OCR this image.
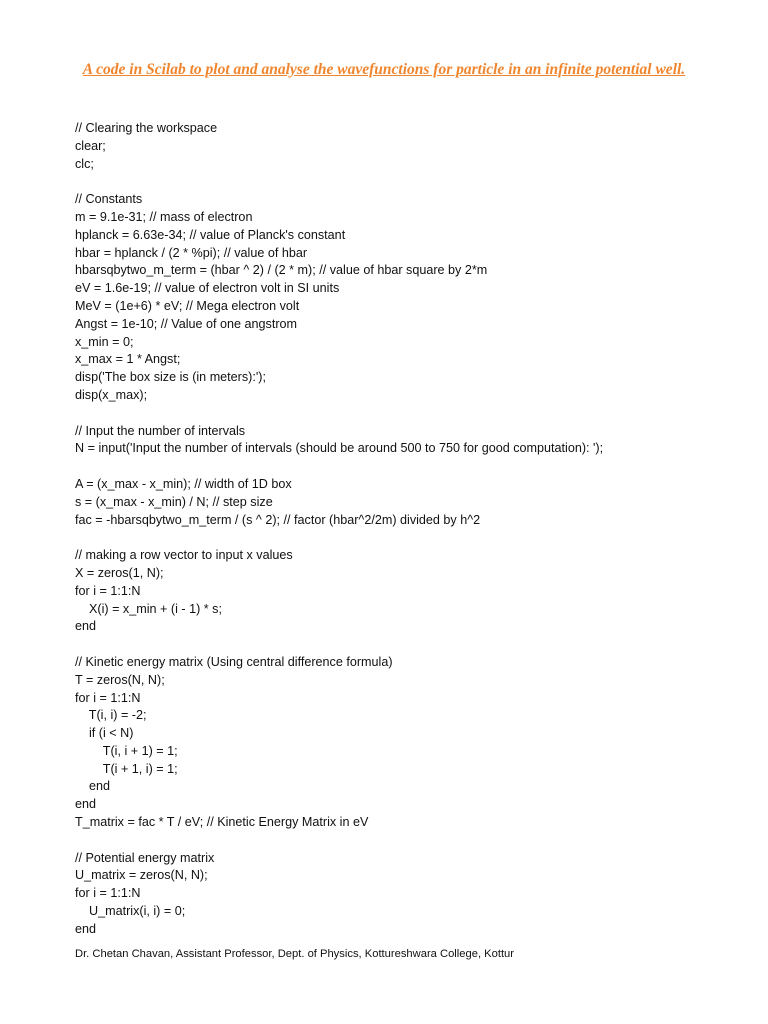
A code in Scilab to plot and analyse the wavefunctions for particle in an infinite potential well.
// Clearing the workspace
clear;
clc;
// Constants
m = 9.1e-31; // mass of electron
hplanck = 6.63e-34; // value of Planck's constant
hbar = hplanck / (2 * %pi); // value of hbar
hbarsqbytwo_m_term = (hbar ^ 2) / (2 * m); // value of hbar square by 2*m
eV = 1.6e-19; // value of electron volt in SI units
MeV = (1e+6) * eV; // Mega electron volt
Angst = 1e-10; // Value of one angstrom
x_min = 0;
x_max = 1 * Angst;
disp('The box size is (in meters):');
disp(x_max);
// Input the number of intervals
N = input('Input the number of intervals (should be around 500 to 750 for good computation): ');
A = (x_max - x_min); // width of 1D box
s = (x_max - x_min) / N; // step size
fac = -hbarsqbytwo_m_term / (s ^ 2); // factor (hbar^2/2m) divided by h^2
// making a row vector to input x values
X = zeros(1, N);
for i = 1:1:N
X(i) = x_min + (i - 1) * s;
end
// Kinetic energy matrix (Using central difference formula)
T = zeros(N, N);
for i = 1:1:N
T(i, i) = -2;
if (i < N)
T(i, i + 1) = 1;
T(i + 1, i) = 1;
end
end
T_matrix = fac * T / eV; // Kinetic Energy Matrix in eV
// Potential energy matrix
U_matrix = zeros(N, N);
for i = 1:1:N
U_matrix(i, i) = 0;
end
Dr. Chetan Chavan, Assistant Professor, Dept. of Physics, Kottureshwara College, Kottur
